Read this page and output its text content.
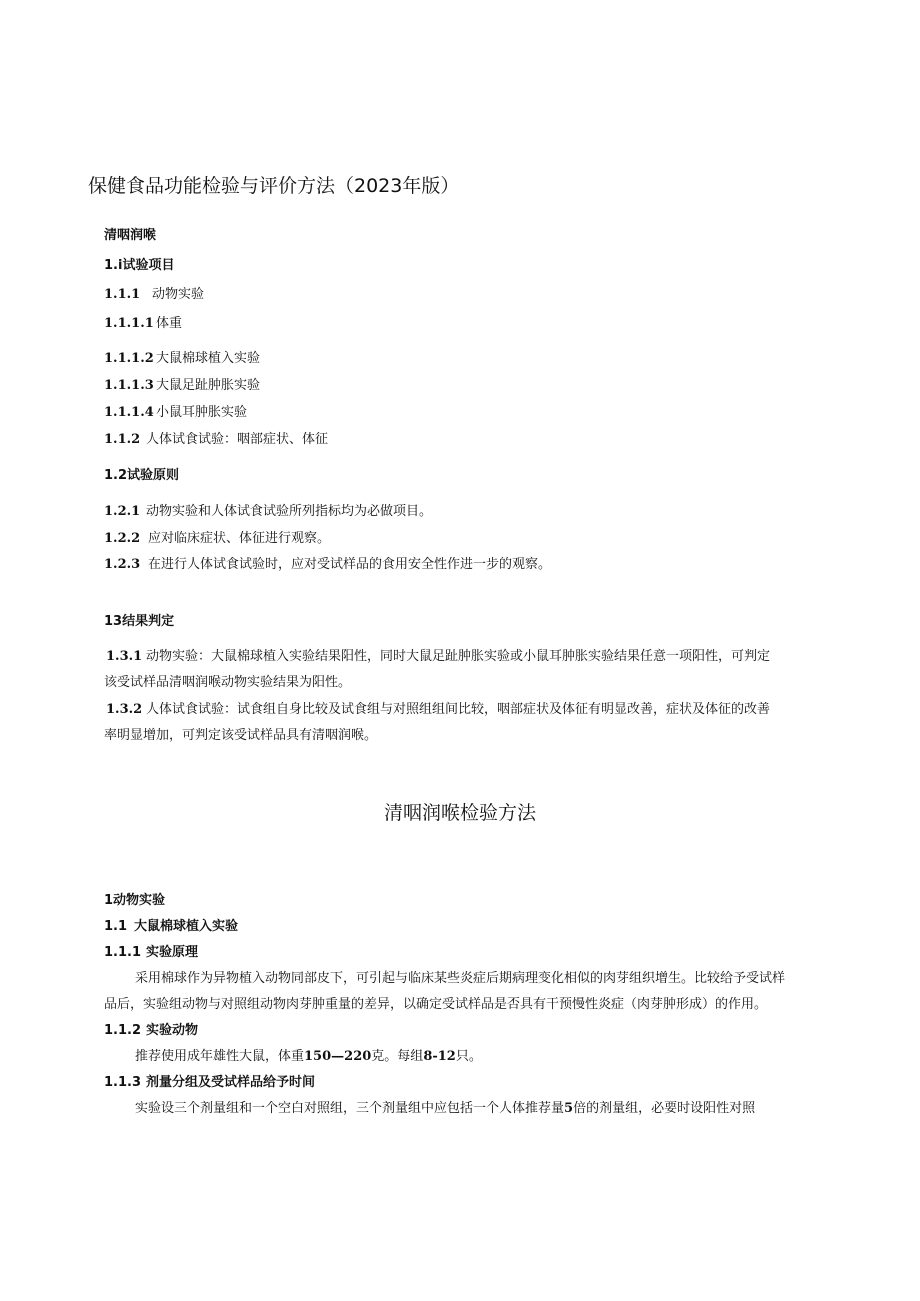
保健食品功能检验与评价方法（2023年版）
清咽润喉
1.i试验项目
1.1.1 动物实验
1.1.1.1 体重
1.1.1.2 大鼠棉球植入实验
1.1.1.3 大鼠足趾肿胀实验
1.1.1.4 小鼠耳肿胀实验
1.1.2 人体试食试验：咽部症状、体征
1.2试验原则
1.2.1 动物实验和人体试食试验所列指标均为必做项目。
1.2.2 应对临床症状、体征进行观察。
1.2.3 在进行人体试食试验时，应对受试样品的食用安全性作进一步的观察。
13结果判定
1.3.1 动物实验：大鼠棉球植入实验结果阳性，同时大鼠足趾肿胀实验或小鼠耳肿胀实验结果任意一项阳性，可判定
该受试样品清咽润喉动物实验结果为阳性。
1.3.2 人体试食试验：试食组自身比较及试食组与对照组组间比较，咽部症状及体征有明显改善，症状及体征的改善
率明显增加，可判定该受试样品具有清咽润喉。
清咽润喉检验方法
1动物实验
1.1 大鼠棉球植入实验
1.1.1 实验原理
采用棉球作为异物植入动物同部皮下，可引起与临床某些炎症后期病理变化相似的肉芽组织增生。比较给予受试样
品后，实验组动物与对照组动物肉芽肿重量的差异，以确定受试样品是否具有干预慢性炎症（肉芽肿形成）的作用。
1.1.2 实验动物
推荐使用成年雄性大鼠，体重150—220克。每组8-12只。
1.1.3 剂量分组及受试样品给予时间
实验设三个剂量组和一个空白对照组，三个剂量组中应包括一个人体推荐量5倍的剂量组，必要时设阳性对照
